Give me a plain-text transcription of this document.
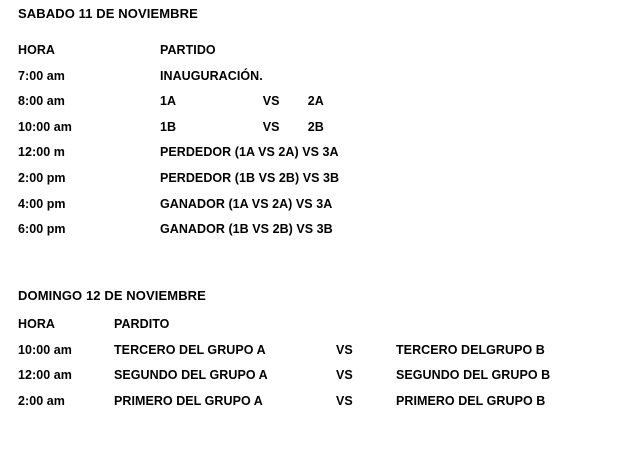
SABADO 11 DE NOVIEMBRE
HORA	PARTIDO		
7:00 am	INAUGURACIÓN.		
8:00 am	1A	VS	2A
10:00 am	1B	VS	2B
12:00 m	PERDEDOR (1A VS 2A) VS 3A		
2:00 pm	PERDEDOR (1B VS 2B) VS 3B		
4:00 pm	GANADOR (1A VS 2A) VS 3A		
6:00 pm	GANADOR (1B VS 2B) VS 3B		
DOMINGO 12 DE NOVIEMBRE
HORA	PARDITO		
10:00 am	TERCERO DEL GRUPO A	VS	TERCERO DELGRUPO B
12:00 am	SEGUNDO DEL GRUPO A	VS	SEGUNDO DEL GRUPO B
2:00 am	PRIMERO DEL GRUPO A	VS	PRIMERO DEL GRUPO B
